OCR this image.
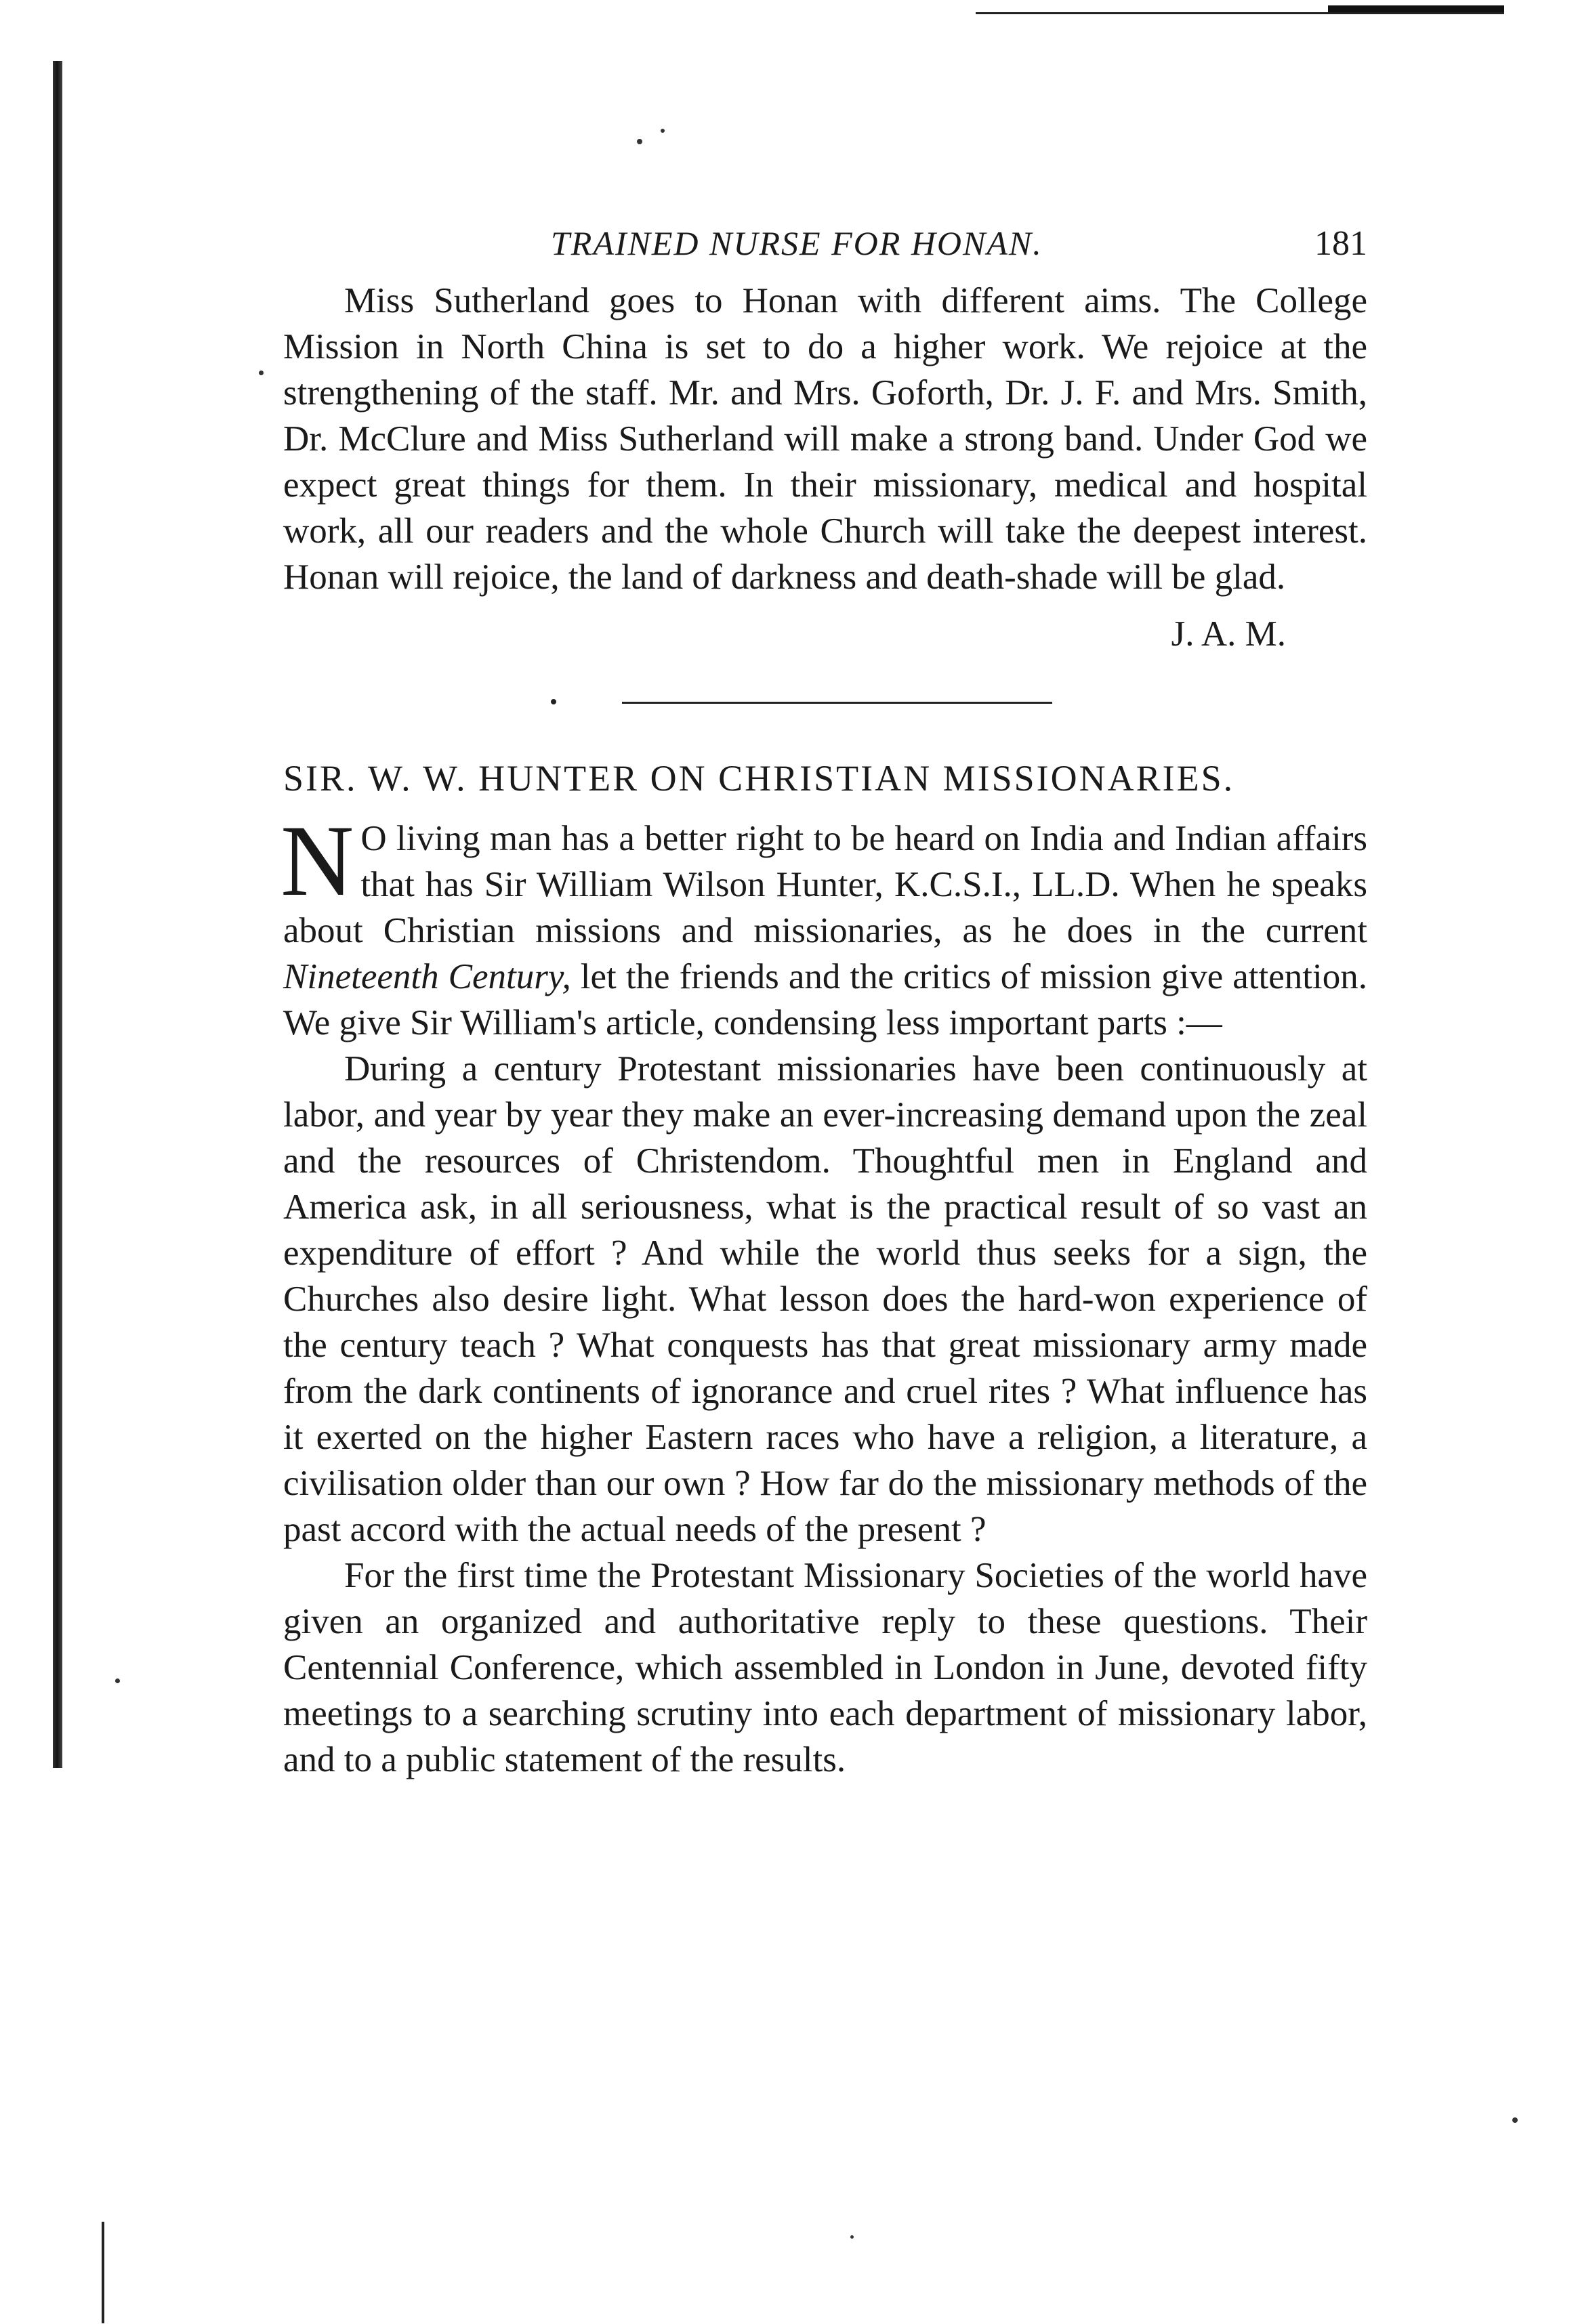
TRAINED NURSE FOR HONAN.	181

Miss Sutherland goes to Honan with different aims. The College Mission in North China is set to do a higher work. We rejoice at the strengthening of the staff. Mr. and Mrs. Goforth, Dr. J. F. and Mrs. Smith, Dr. McClure and Miss Sutherland will make a strong band. Under God we expect great things for them. In their missionary, medical and hospital work, all our readers and the whole Church will take the deepest interest. Honan will rejoice, the land of darkness and death-shade will be glad.

J. A. M.
SIR. W. W. HUNTER ON CHRISTIAN MISSIONARIES.

N O living man has a better right to be heard on India and Indian affairs that has Sir William Wilson Hunter, K.C.S.I., LL.D. When he speaks about Christian missions and missionaries, as he does in the current Nineteenth Century, let the friends and the critics of mission give attention. We give Sir William's article, condensing less important parts :—

During a century Protestant missionaries have been continuously at labor, and year by year they make an ever-increasing demand upon the zeal and the resources of Christendom. Thoughtful men in England and America ask, in all seriousness, what is the practical result of so vast an expenditure of effort ? And while the world thus seeks for a sign, the Churches also desire light. What lesson does the hard-won experience of the century teach ? What conquests has that great missionary army made from the dark continents of ignorance and cruel rites ? What influence has it exerted on the higher Eastern races who have a religion, a literature, a civilisation older than our own ? How far do the missionary methods of the past accord with the actual needs of the present ?

For the first time the Protestant Missionary Societies of the world have given an organized and authoritative reply to these questions. Their Centennial Conference, which assembled in London in June, devoted fifty meetings to a searching scrutiny into each department of missionary labor, and to a public statement of the results.
